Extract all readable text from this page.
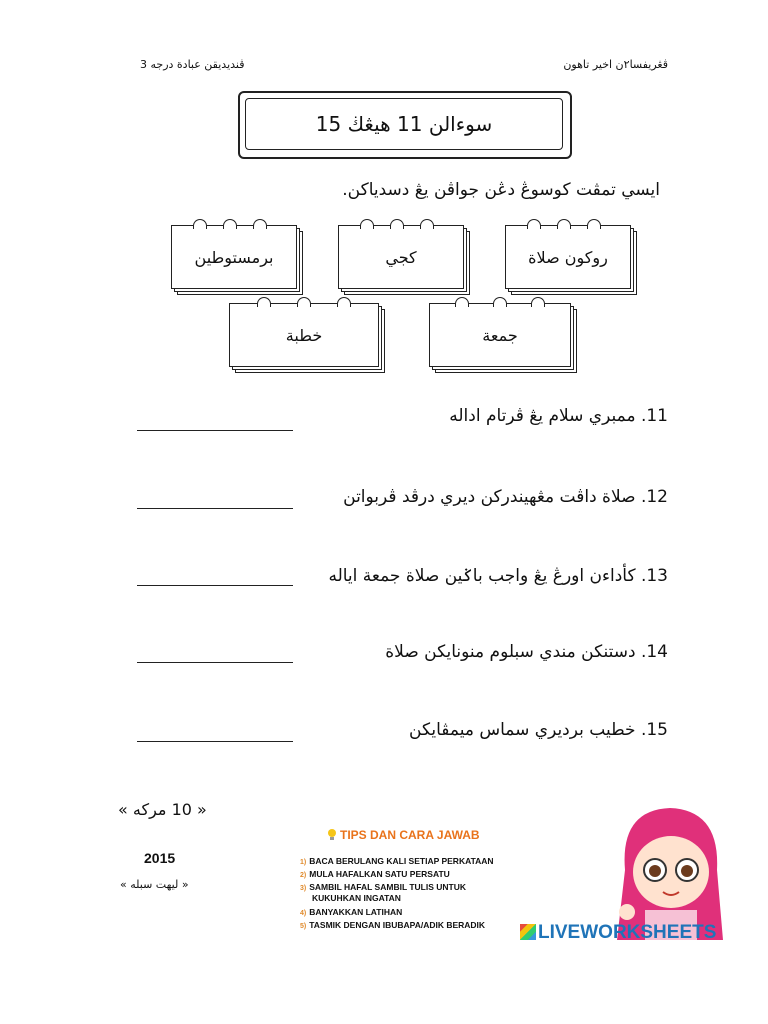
ڤنديديقن عبادة درجه 3	ڤڠريفسا٢ن اخير تاهون
سوءالن 11 هيڠڬ 15
ايسي تمڤت كوسوڠ دڠن جواڤن يڠ دسدياكن.
روكون صلاة
كجي
برمستوطين
جمعة
خطبة
11. ممبري سلام يڠ ڤرتام اداله
12. صلاة داڤت مڠهيندركن ديري درڤد ڤربواتن
13. كأداءن اورڠ يڠ واجب باݢين صلاة جمعة اياله
14. دستنكن مندي سبلوم منونايكن صلاة
15. خطيب برديري سماس ميمڤايكن
« 10 مركه »
2015
« ليهت سبله »
TIPS DAN CARA JAWAB
1) BACA BERULANG KALI SETIAP PERKATAAN
2) MULA HAFALKAN SATU PERSATU
3) SAMBIL HAFAL SAMBIL TULIS UNTUK
KUKUHKAN INGATAN
4) BANYAKKAN LATIHAN
5) TASMIK DENGAN IBUBAPA/ADIK BERADIK	LIVEWORKSHEETS
